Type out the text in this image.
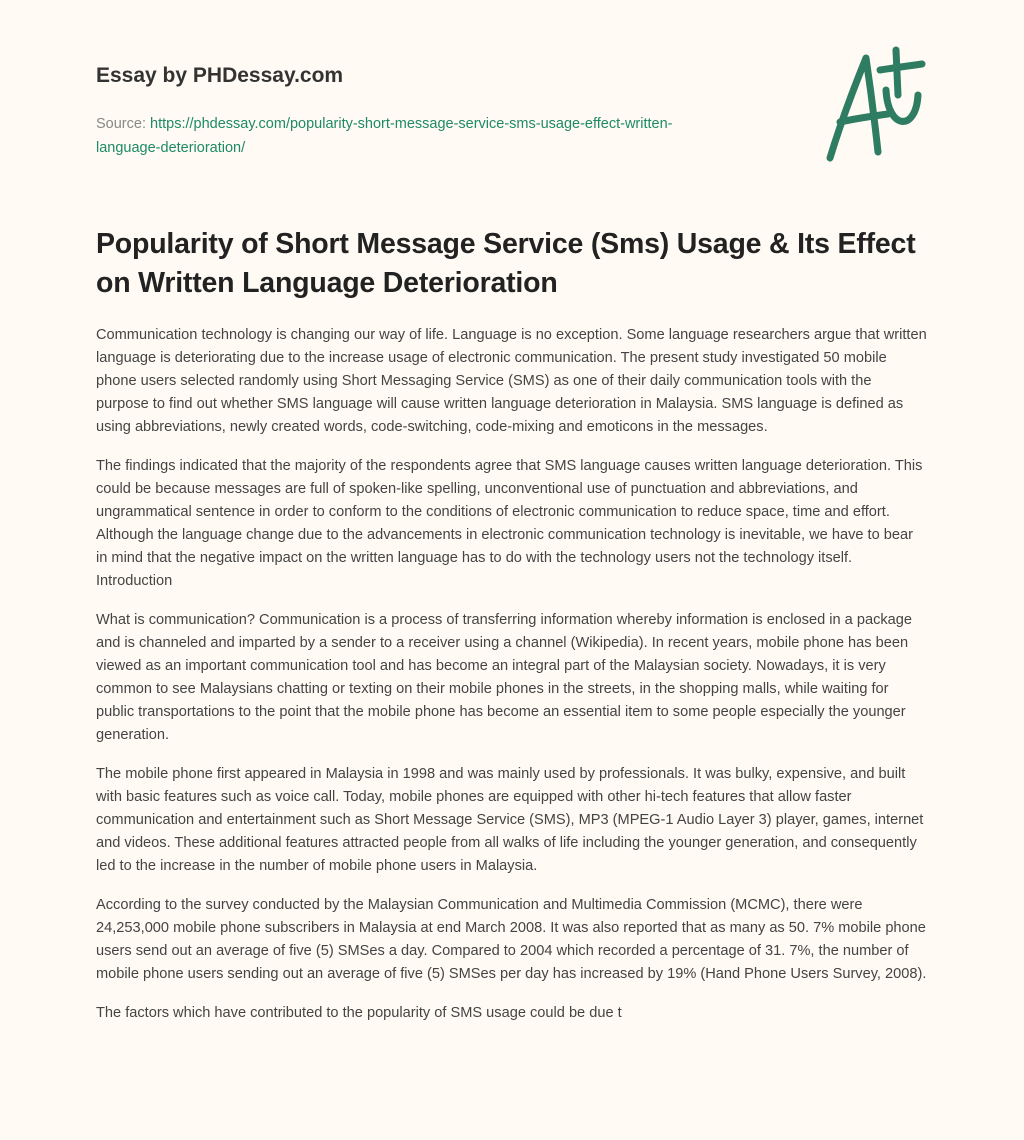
Essay by PHDessay.com
Source: https://phdessay.com/popularity-short-message-service-sms-usage-effect-written-language-deterioration/
Popularity of Short Message Service (Sms) Usage & Its Effect on Written Language Deterioration

Communication technology is changing our way of life. Language is no exception. Some language researchers argue that written language is deteriorating due to the increase usage of electronic communication. The present study investigated 50 mobile phone users selected randomly using Short Messaging Service (SMS) as one of their daily communication tools with the purpose to find out whether SMS language will cause written language deterioration in Malaysia. SMS language is defined as using abbreviations, newly created words, code-switching, code-mixing and emoticons in the messages.

The findings indicated that the majority of the respondents agree that SMS language causes written language deterioration. This could be because messages are full of spoken-like spelling, unconventional use of punctuation and abbreviations, and ungrammatical sentence in order to conform to the conditions of electronic communication to reduce space, time and effort. Although the language change due to the advancements in electronic communication technology is inevitable, we have to bear in mind that the negative impact on the written language has to do with the technology users not the technology itself. Introduction

What is communication? Communication is a process of transferring information whereby information is enclosed in a package and is channeled and imparted by a sender to a receiver using a channel (Wikipedia). In recent years, mobile phone has been viewed as an important communication tool and has become an integral part of the Malaysian society. Nowadays, it is very common to see Malaysians chatting or texting on their mobile phones in the streets, in the shopping malls, while waiting for public transportations to the point that the mobile phone has become an essential item to some people especially the younger generation.

The mobile phone first appeared in Malaysia in 1998 and was mainly used by professionals. It was bulky, expensive, and built with basic features such as voice call. Today, mobile phones are equipped with other hi-tech features that allow faster communication and entertainment such as Short Message Service (SMS), MP3 (MPEG-1 Audio Layer 3) player, games, internet and videos. These additional features attracted people from all walks of life including the younger generation, and consequently led to the increase in the number of mobile phone users in Malaysia.

According to the survey conducted by the Malaysian Communication and Multimedia Commission (MCMC), there were 24,253,000 mobile phone subscribers in Malaysia at end March 2008. It was also reported that as many as 50. 7% mobile phone users send out an average of five (5) SMSes a day. Compared to 2004 which recorded a percentage of 31. 7%, the number of mobile phone users sending out an average of five (5) SMSes per day has increased by 19% (Hand Phone Users Survey, 2008).

The factors which have contributed to the popularity of SMS usage could be due t
